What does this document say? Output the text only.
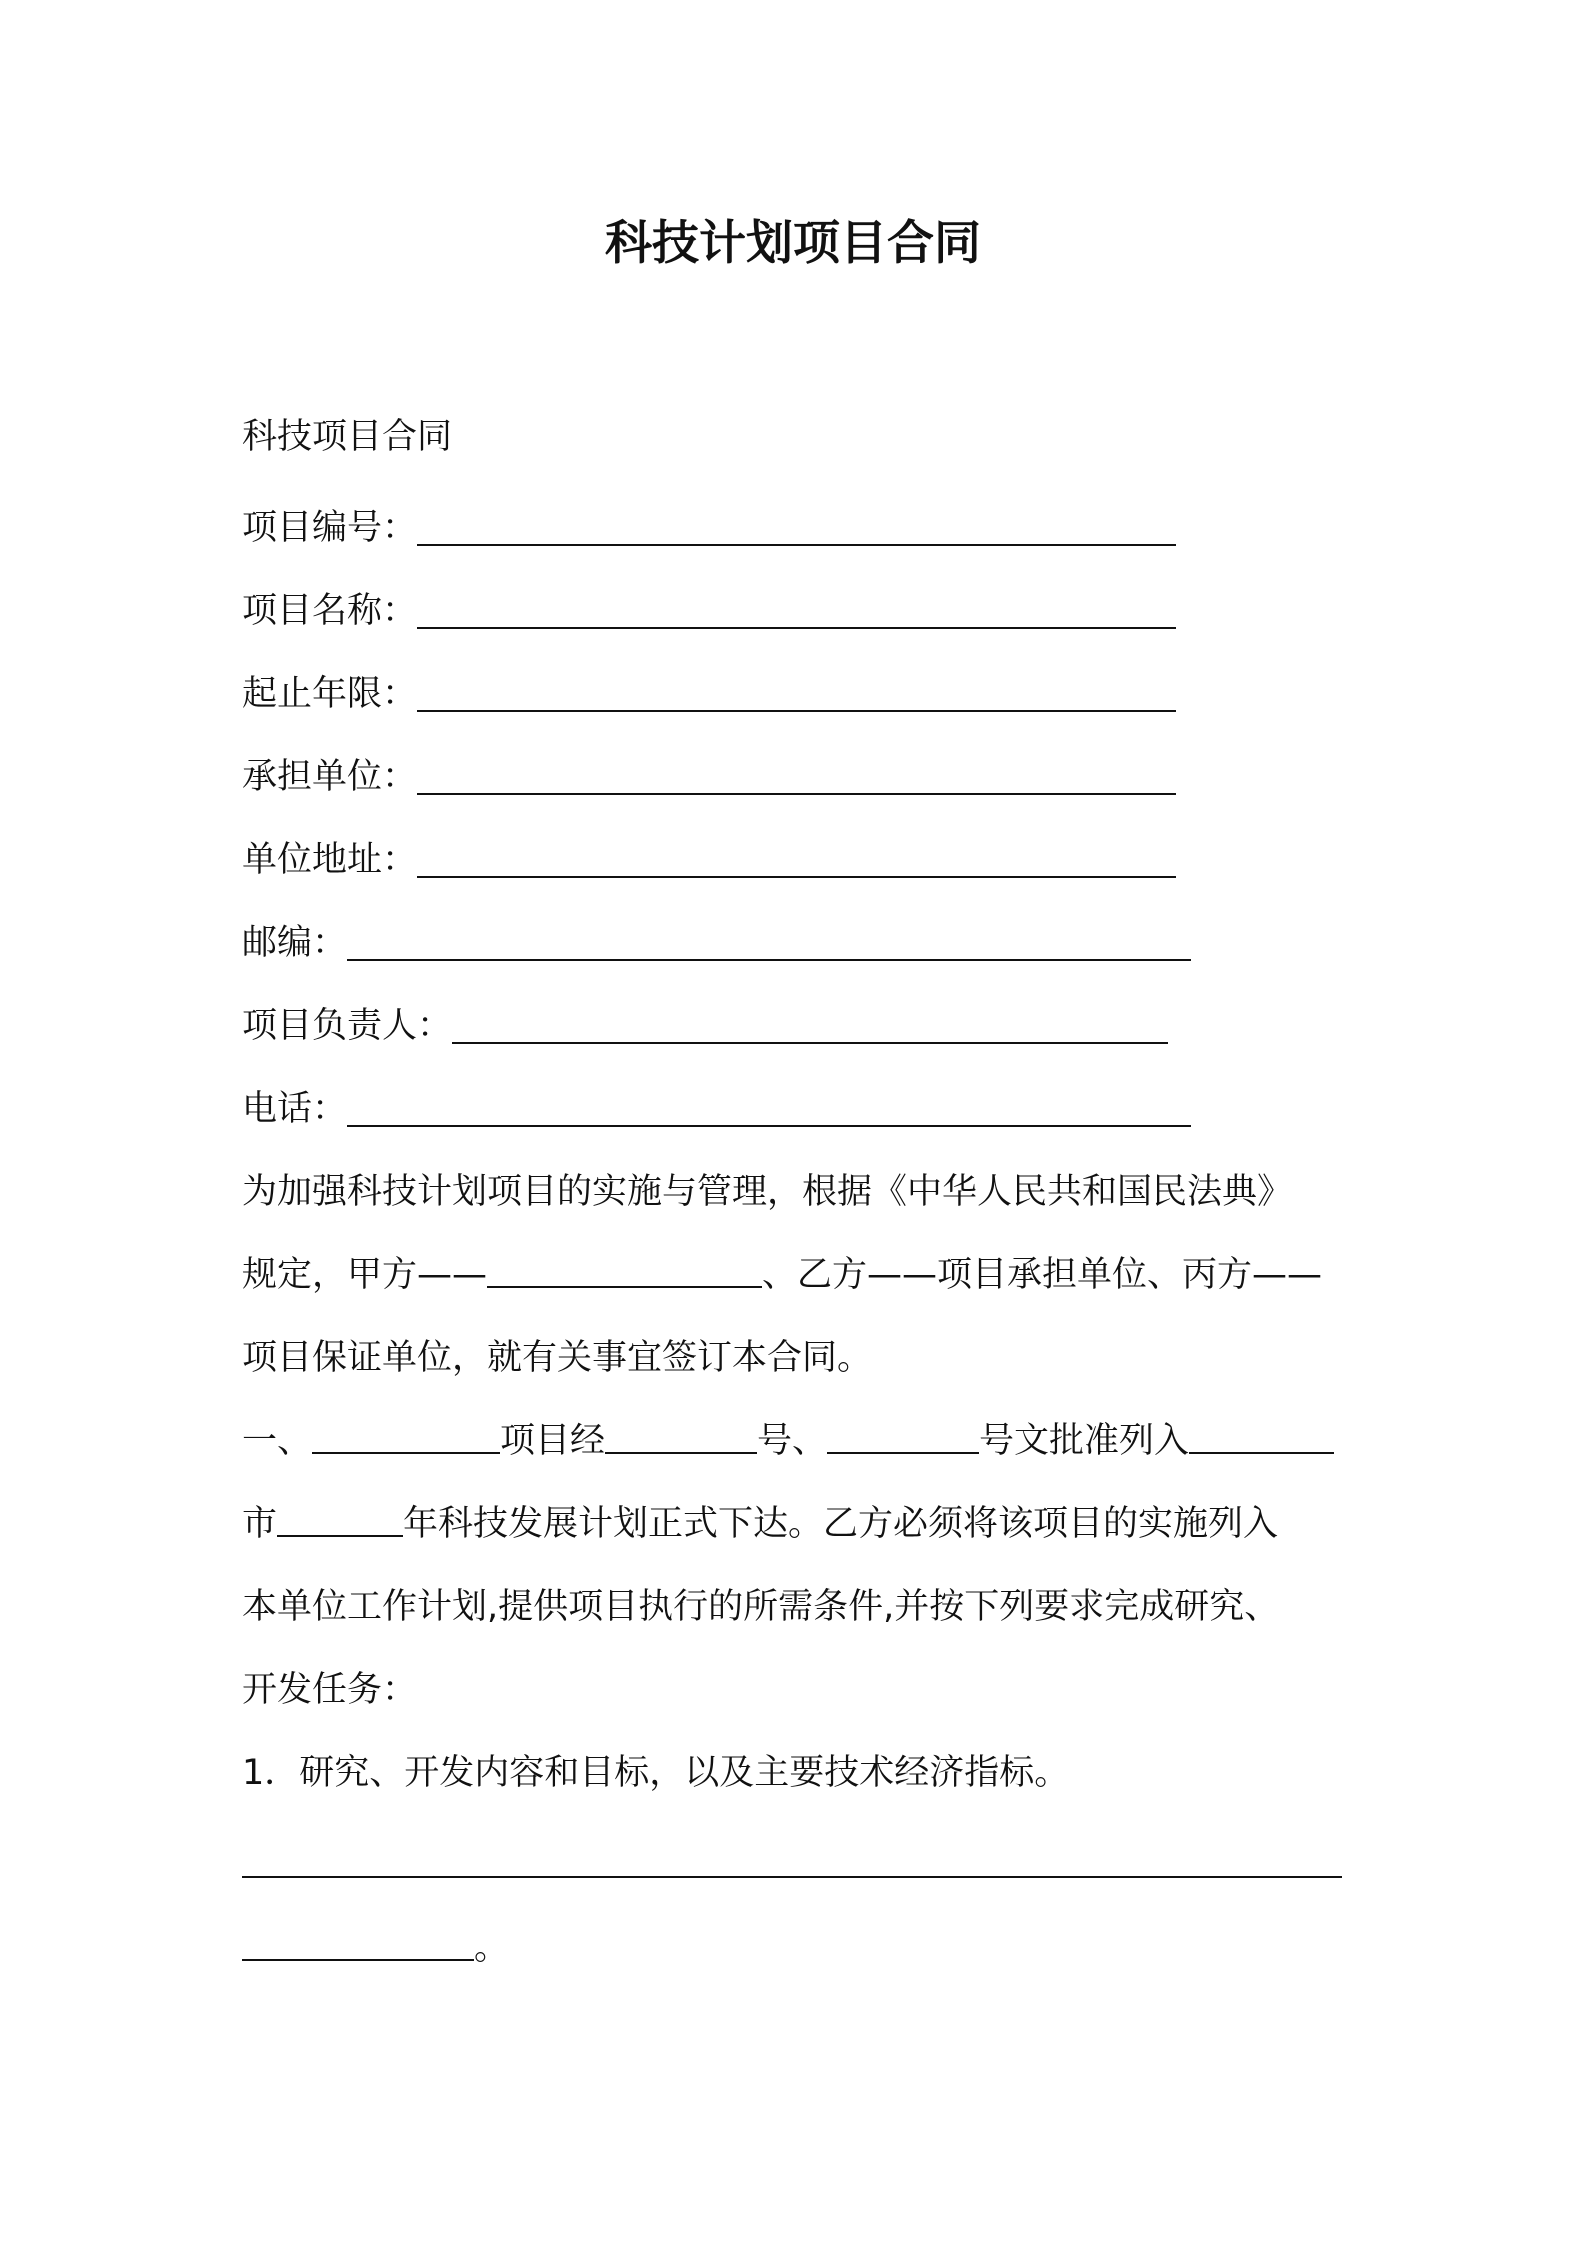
科技计划项目合同
科技项目合同
项目编号：
项目名称：
起止年限：
承担单位：
单位地址：
邮编：
项目负责人：
电话：
为加强科技计划项目的实施与管理，根据《中华人民共和国民法典》
规定，甲方——	、乙方——项目承担单位、丙方——
项目保证单位，就有关事宜签订本合同。
一、	项目经	号、	号文批准列入
市	年科技发展计划正式下达。乙方必须将该项目的实施列入
本单位工作计划,提供项目执行的所需条件,并按下列要求完成研究、
开发任务：
1．研究、开发内容和目标，以及主要技术经济指标。
。
